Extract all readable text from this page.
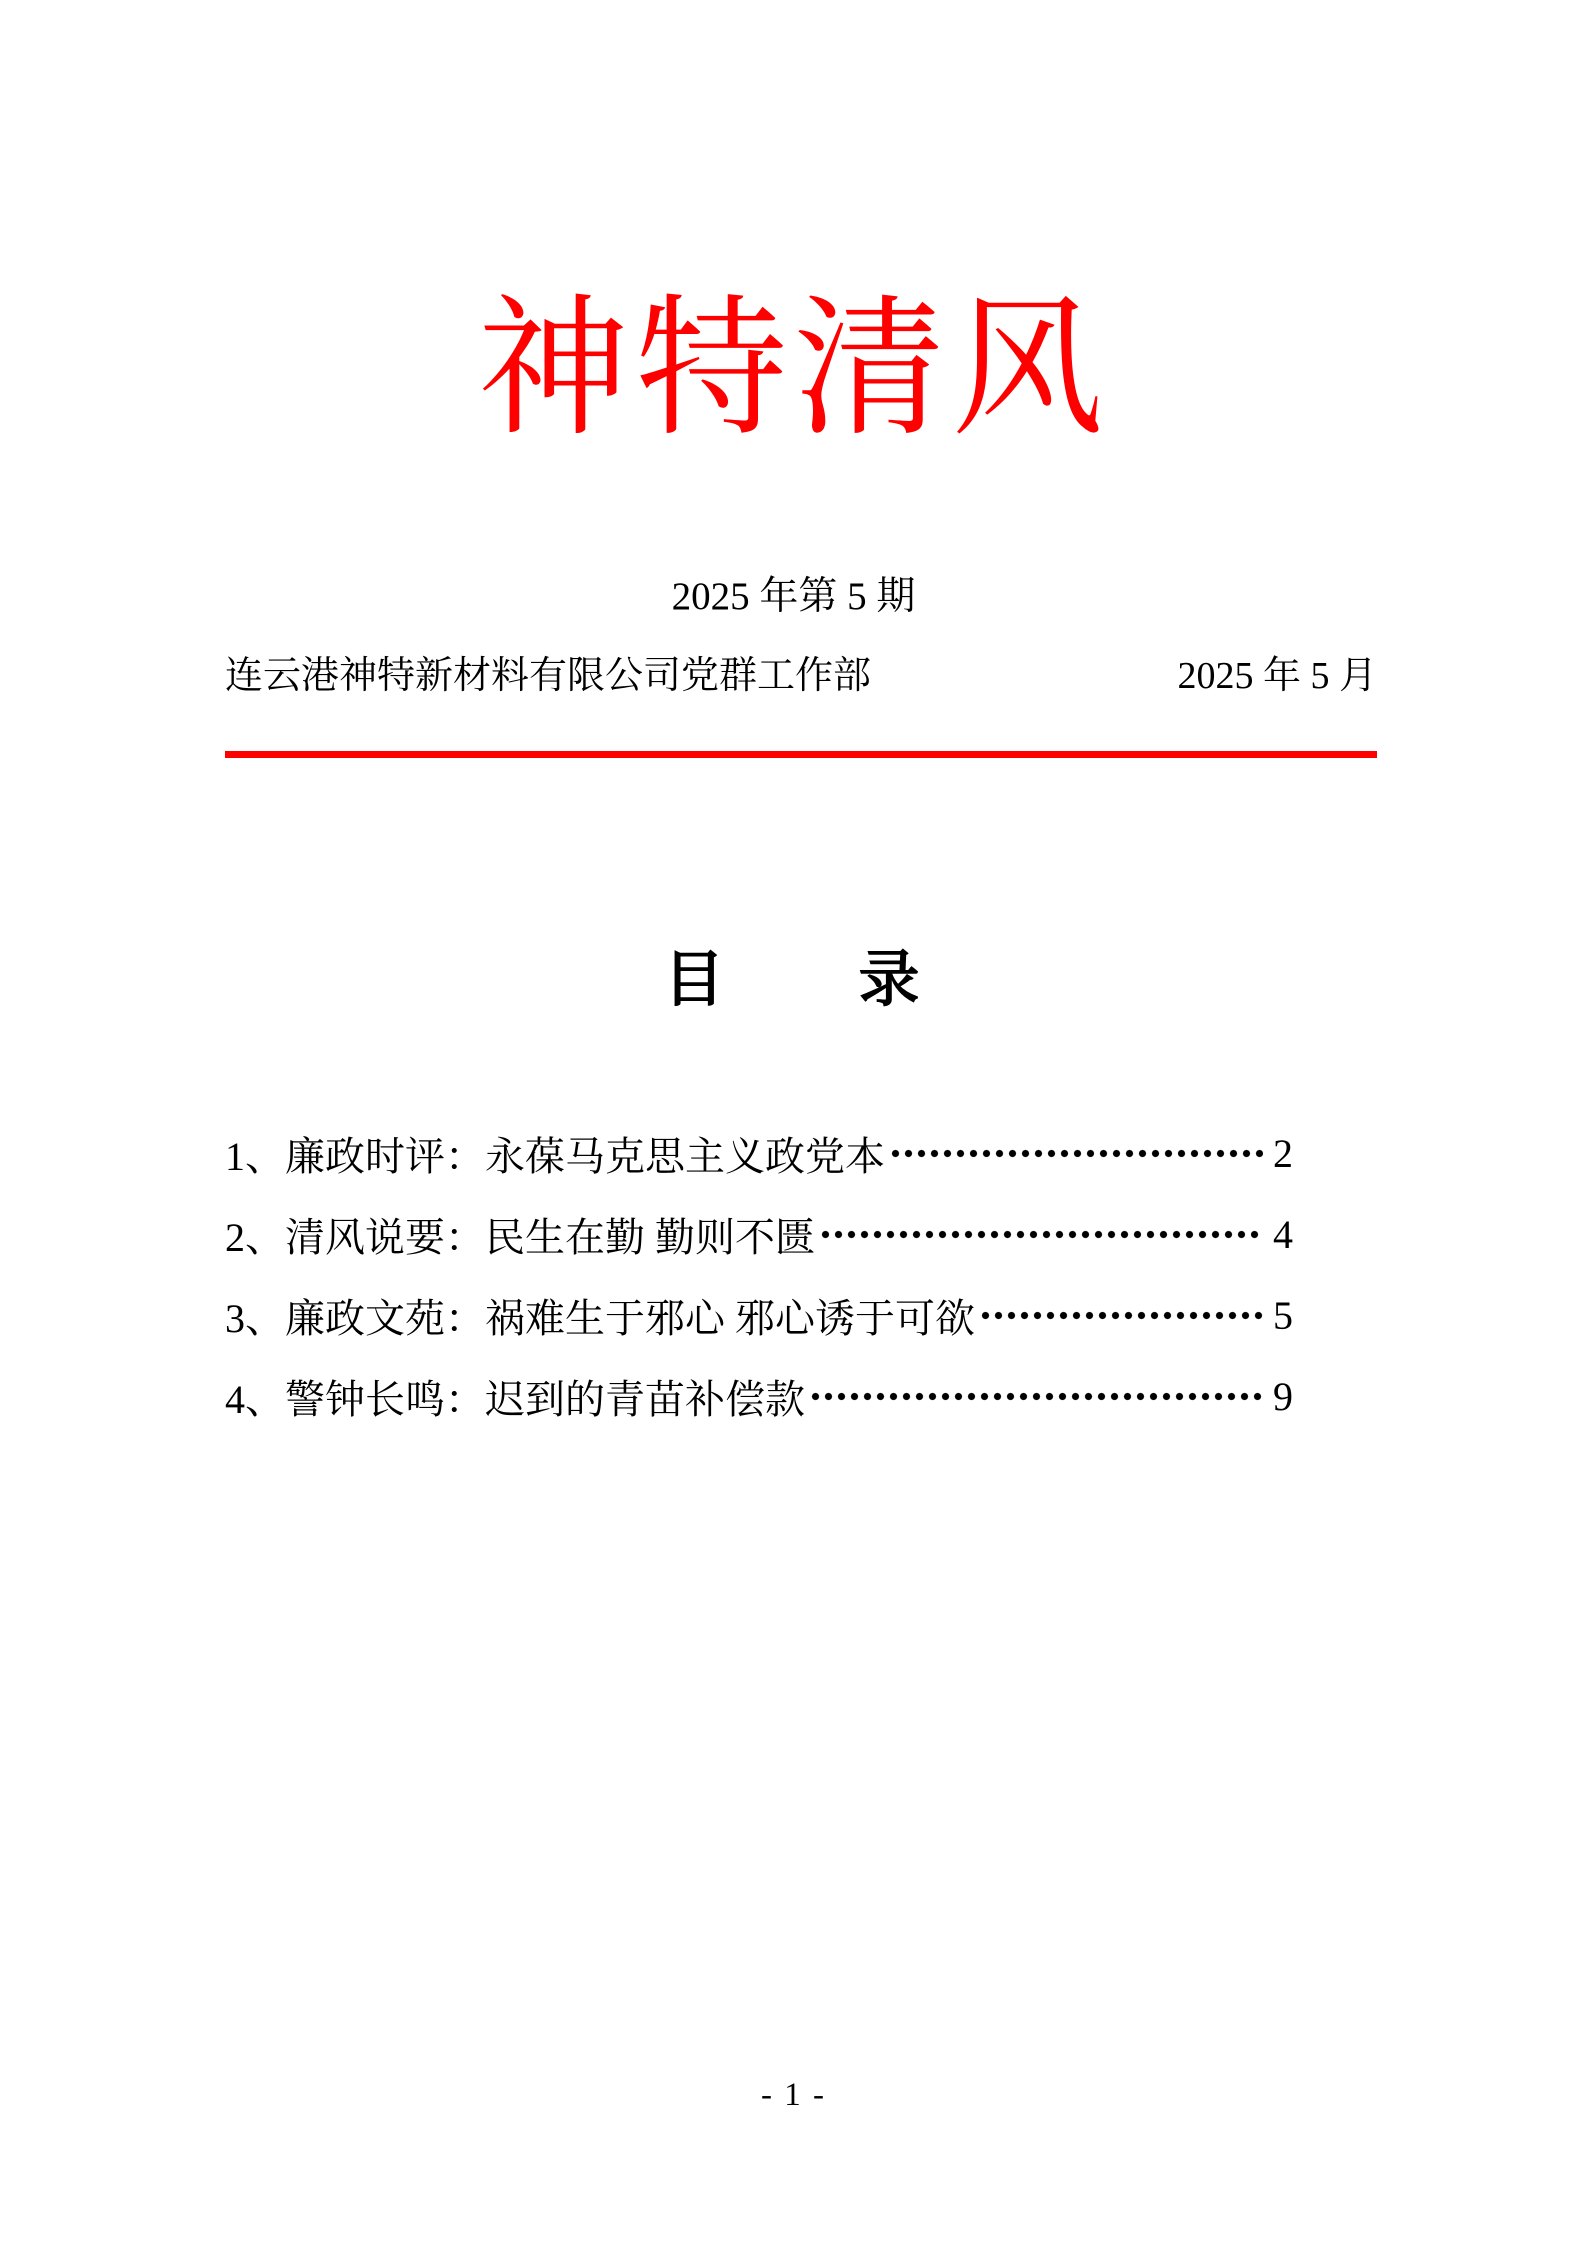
神特清风
2025 年第 5 期
连云港神特新材料有限公司党群工作部	2025 年 5 月
目　　录
1、廉政时评：永葆马克思主义政党本	2
2、清风说要：民生在勤 勤则不匮	4
3、廉政文苑：祸难生于邪心 邪心诱于可欲	5
4、警钟长鸣：迟到的青苗补偿款	9
- 1 -
